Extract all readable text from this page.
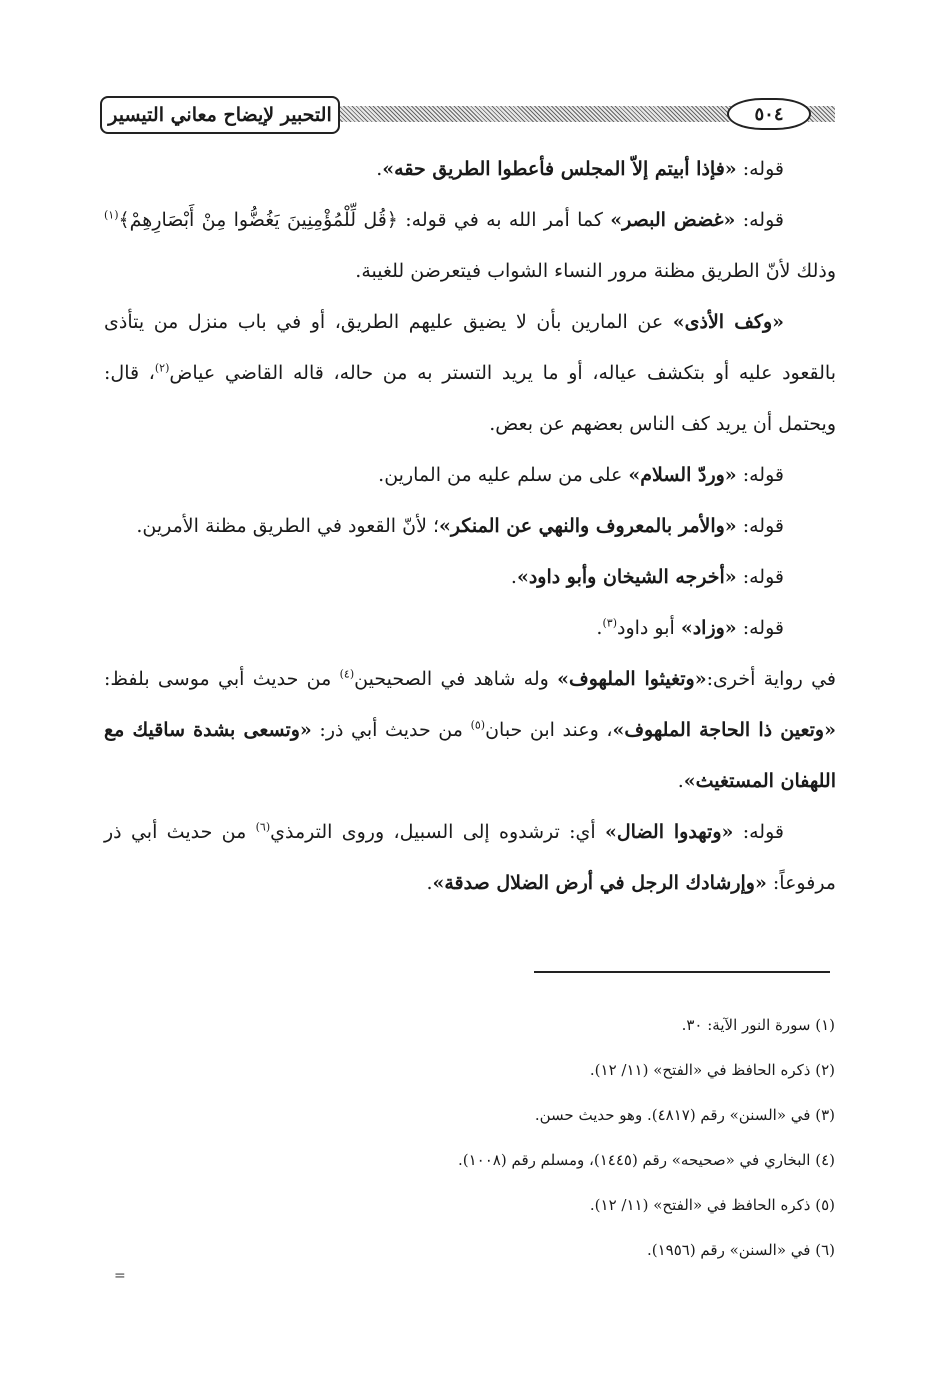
التحبير لإيضاح معاني التيسير	٥٠٤

قوله: «فإذا أبيتم إلاّ المجلس فأعطوا الطريق حقه».

قوله: «غضض البصر» كما أمر الله به في قوله: ﴿قُل لِّلْمُؤْمِنِينَ يَغُضُّوا مِنْ أَبْصَارِهِمْ﴾$^{(١)}$ وذلك لأنّ الطريق مظنة مرور النساء الشواب فيتعرضن للغيبة.

«وكف الأذى» عن المارين بأن لا يضيق عليهم الطريق، أو في باب منزل من يتأذى بالقعود عليه أو بتكشف عياله، أو ما يريد التستر به من حاله، قاله القاضي عياض$^{(٢)}$، قال: ويحتمل أن يريد كف الناس بعضهم عن بعض.

قوله: «وردّ السلام» على من سلم عليه من المارين.

قوله: «والأمر بالمعروف والنهي عن المنكر»؛ لأنّ القعود في الطريق مظنة الأمرين.

قوله: «أخرجه الشيخان وأبو داود».

قوله: «وزاد» أبو داود$^{(٣)}$.

في رواية أخرى:«وتغيثوا الملهوف» وله شاهد في الصحيحين$^{(٤)}$ من حديث أبي موسى بلفظ: «وتعين ذا الحاجة الملهوف»، وعند ابن حبان$^{(٥)}$ من حديث أبي ذر: «وتسعى بشدة ساقيك مع اللهفان المستغيث».

قوله: «وتهدوا الضال» أي: ترشدوه إلى السبيل، وروى الترمذي$^{(٦)}$ من حديث أبي ذر مرفوعاً: «وإرشادك الرجل في أرض الضلال صدقة».

(١) سورة النور الآية: ٣٠.

(٢) ذكره الحافظ في «الفتح» (١١/ ١٢).

(٣) في «السنن» رقم (٤٨١٧). وهو حديث حسن.

(٤) البخاري في «صحيحه» رقم (١٤٤٥)، ومسلم رقم (١٠٠٨).

(٥) ذكره الحافظ في «الفتح» (١١/ ١٢).

(٦) في «السنن» رقم (١٩٥٦).

=
